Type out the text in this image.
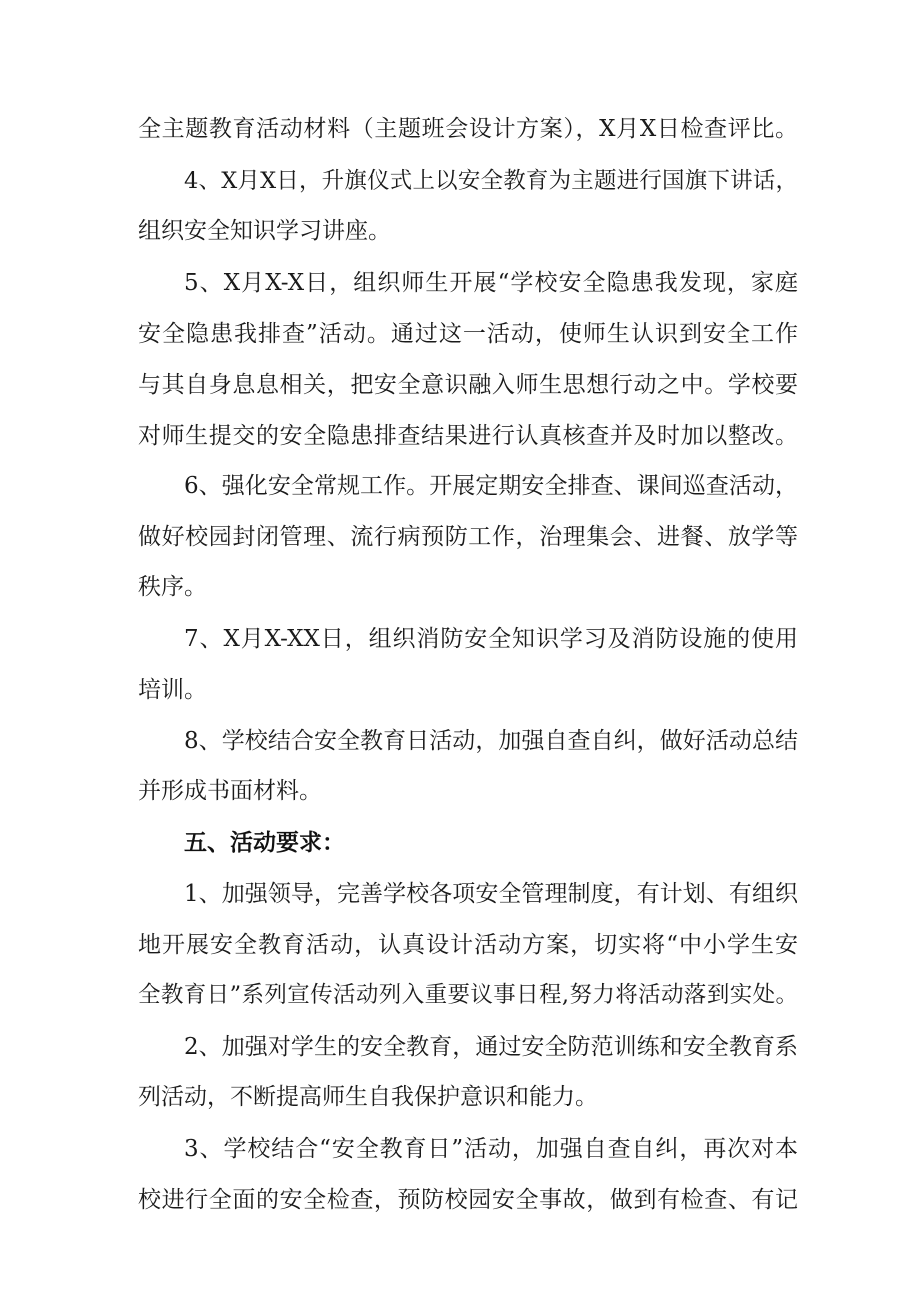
全主题教育活动材料（主题班会设计方案），X月X日检查评比。
4、X月X日，升旗仪式上以安全教育为主题进行国旗下讲话，
组织安全知识学习讲座。
5、X月X-X日，组织师生开展“学校安全隐患我发现，家庭
安全隐患我排查”活动。通过这一活动，使师生认识到安全工作
与其自身息息相关，把安全意识融入师生思想行动之中。学校要
对师生提交的安全隐患排查结果进行认真核查并及时加以整改。
6、强化安全常规工作。开展定期安全排查、课间巡查活动，
做好校园封闭管理、流行病预防工作，治理集会、进餐、放学等
秩序。
7、X月X-XX日，组织消防安全知识学习及消防设施的使用
培训。
8、学校结合安全教育日活动，加强自查自纠，做好活动总结
并形成书面材料。
五、活动要求：
1、加强领导，完善学校各项安全管理制度，有计划、有组织
地开展安全教育活动，认真设计活动方案，切实将“中小学生安
全教育日”系列宣传活动列入重要议事日程,努力将活动落到实处。
2、加强对学生的安全教育，通过安全防范训练和安全教育系
列活动，不断提高师生自我保护意识和能力。
3、学校结合“安全教育日”活动，加强自查自纠，再次对本
校进行全面的安全检查，预防校园安全事故，做到有检查、有记
